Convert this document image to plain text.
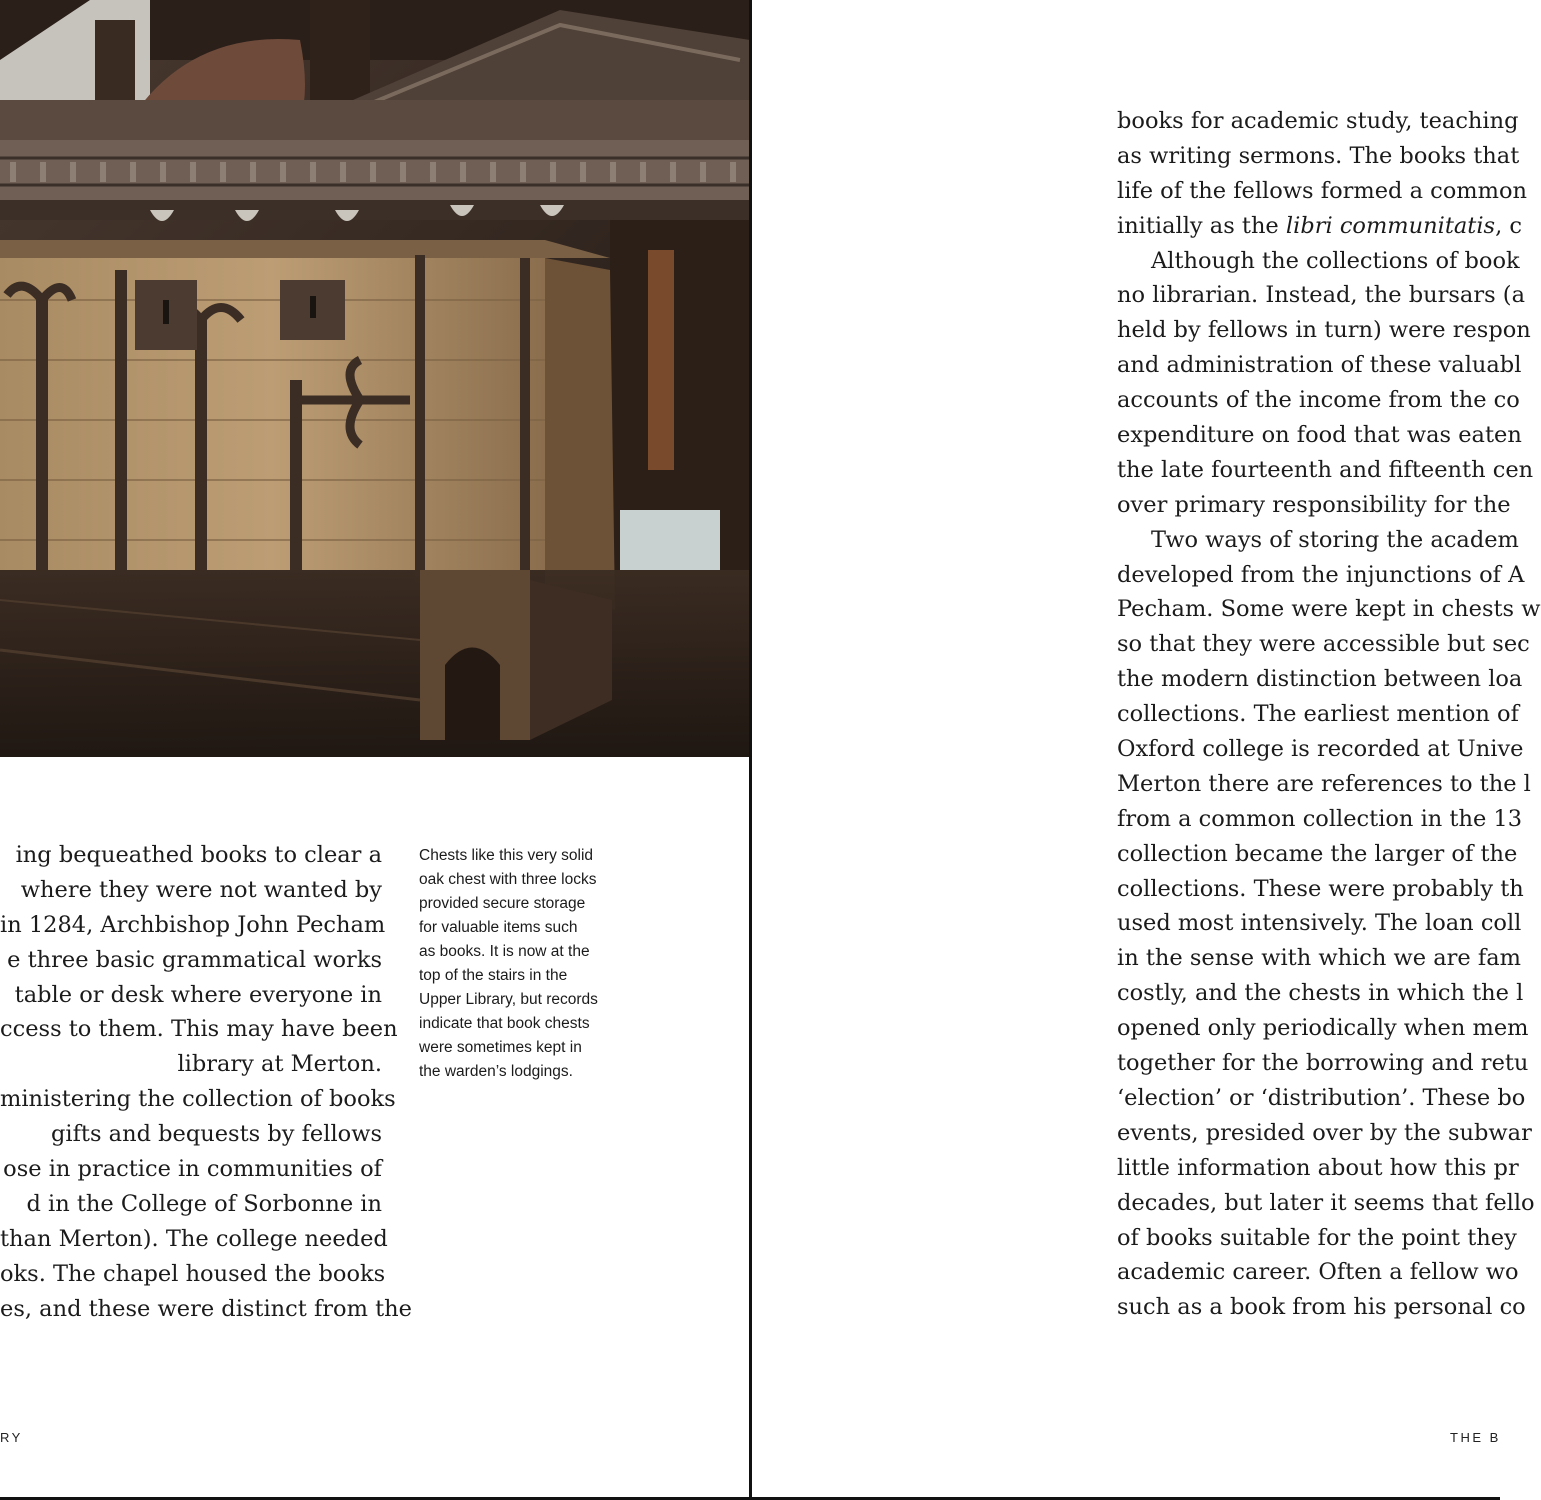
ing bequeathed books to clear a
where they were not wanted by
in 1284, Archbishop John Pecham
e three basic grammatical works
table or desk where everyone in
ccess to them. This may have been
library at Merton.
ministering the collection of books
gifts and bequests by fellows
ose in practice in communities of
d in the College of Sorbonne in
than Merton). The college needed
oks. The chapel housed the books
es, and these were distinct from the
Chests like this very solid
oak chest with three locks
provided secure storage
for valuable items such
as books. It is now at the
top of the stairs in the
Upper Library, but records
indicate that book chests
were sometimes kept in
the warden’s lodgings.
RY
books for academic study, teaching
as writing sermons. The books that
life of the fellows formed a common
initially as the libri communitatis, c
Although the collections of book
no librarian. Instead, the bursars (a
held by fellows in turn) were respon
and administration of these valuabl
accounts of the income from the co
expenditure on food that was eaten
the late fourteenth and fifteenth cen
over primary responsibility for the
Two ways of storing the academ
developed from the injunctions of A
Pecham. Some were kept in chests w
so that they were accessible but sec
the modern distinction between loa
collections. The earliest mention of
Oxford college is recorded at Unive
Merton there are references to the l
from a common collection in the 13
collection became the larger of the
collections. These were probably th
used most intensively. The loan coll
in the sense with which we are fam
costly, and the chests in which the l
opened only periodically when mem
together for the borrowing and retu
‘election’ or ‘distribution’. These bo
events, presided over by the subwar
little information about how this pr
decades, but later it seems that fello
of books suitable for the point they
academic career. Often a fellow wo
such as a book from his personal co
THE B
